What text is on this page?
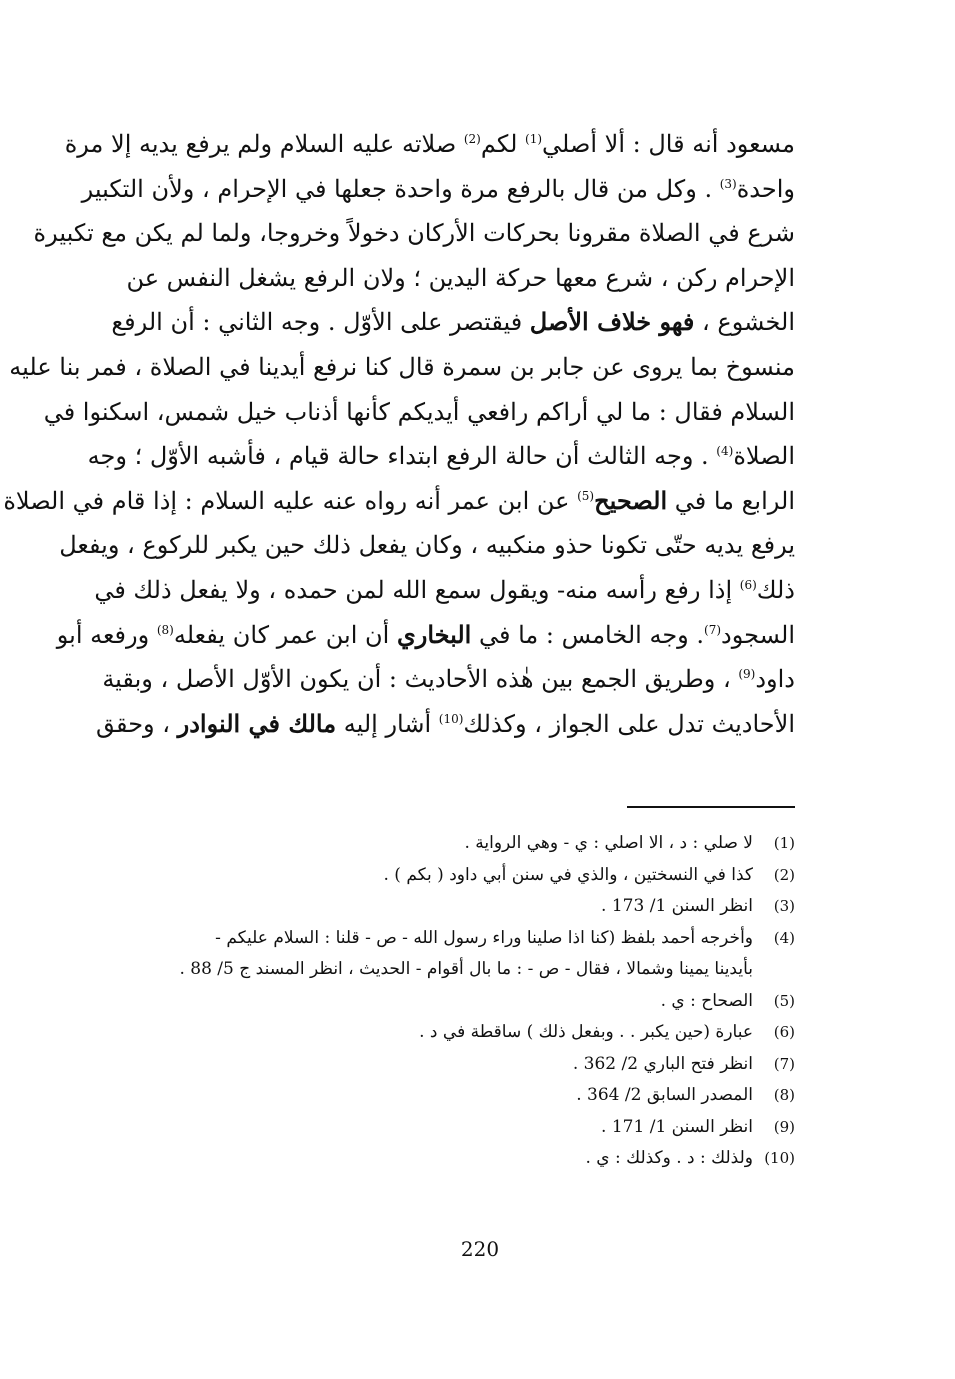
مسعود أنه قال : ألا أصلي$^{(1)}$ لكم$^{(2)}$ صلاته عليه السلام ولم يرفع يديه إلا مرة
واحدة$^{(3)}$ . وكل من قال بالرفع مرة واحدة جعلها في الإحرام ، ولأن التكبير
شرع في الصلاة مقرونا بحركات الأركان دخولاً وخروجا، ولما لم يكن مع تكبيرة
الإحرام ركن ، شرع معها حركة اليدين ؛ ولان الرفع يشغل النفس عن
الخشوع ، فهو خلاف الأصل فيقتصر على الأوّل . وجه الثاني : أن الرفع
منسوخ بما يروى عن جابر بن سمرة قال كنا نرفع أيدينا في الصلاة ، فمر بنا عليه
السلام فقال : ما لي أراكم رافعي أيديكم كأنها أذناب خيل شمس، اسكنوا في
الصلاة$^{(4)}$ . وجه الثالث أن حالة الرفع ابتداء حالة قيام ، فأشبه الأوّل ؛ وجه
الرابع ما في الصحيح$^{(5)}$ عن ابن عمر أنه رواه عنه عليه السلام : إذا قام في الصلاة
يرفع يديه حتّى تكونا حذو منكبيه ، وكان يفعل ذلك حين يكبر للركوع ، ويفعل
ذلك$^{(6)}$ إذا رفع رأسه منه- ويقول سمع الله لمن حمده ، ولا يفعل ذلك في
السجود$^{(7)}$. وجه الخامس : ما في البخاري أن ابن عمر كان يفعله$^{(8)}$ ورفعه أبو
داود$^{(9)}$ ، وطريق الجمع بين هٰذه الأحاديث : أن يكون الأوّل الأصل ، وبقية
الأحاديث تدل على الجواز ، وكذلك$^{(10)}$ أشار إليه مالك في النوادر ، وحقق
(1)لا صلي : د ، الا اصلي : ي - وهي الرواية .
(2)كذا في النسختين ، والذي في سنن أبي داود ( بكم ) .
(3)انظر السنن 1/ 173 .
(4)وأخرجه أحمد بلفظ (كنا اذا صلينا وراء رسول الله - ص - قلنا : السلام عليكم -
بأيدينا يمينا وشمالا ، فقال - ص - : ما بال أقوام - الحديث ، انظر المسند ج 5/ 88 .
(5)الصحاح : ي .
(6)عبارة (حين يكبر . . وبفعل ذلك ) ساقطة في د .
(7)انظر فتح الباري 2/ 362 .
(8)المصدر السابق 2/ 364 .
(9)انظر السنن 1/ 171 .
(10)ولذلك : د . وكذلك : ي .
220
